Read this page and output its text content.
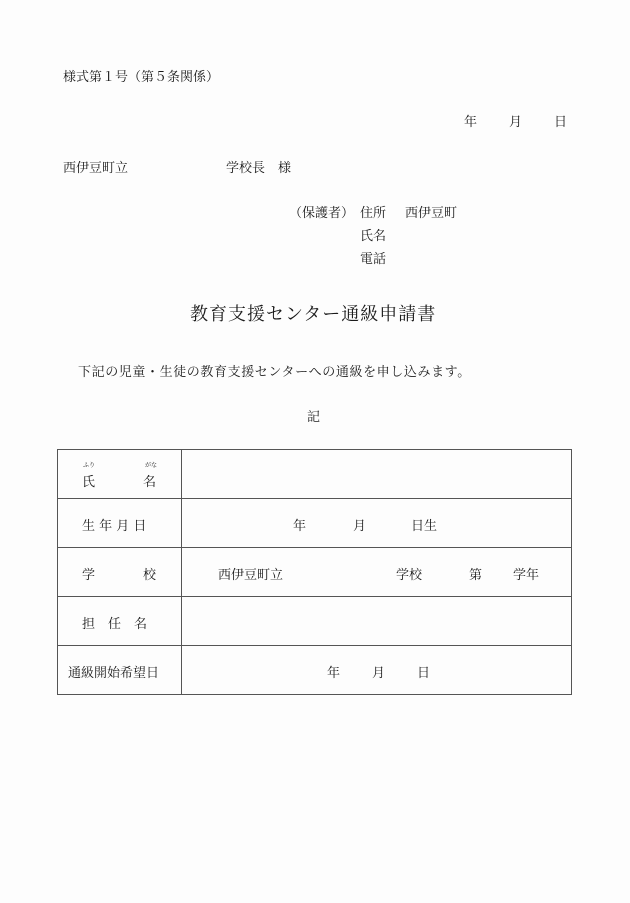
様式第１号（第５条関係）
年 月 日
西伊豆町立	学校長　様
（保護者） 住所 西伊豆町
氏名
電話
教育支援センター通級申請書
下記の児童・生徒の教育支援センターへの通級を申し込みます。
記
ふり がな
氏 名	

生 年 月 日	年 月 日生

学 校	西伊豆町立 学校 第 学年

担　任　名	

通級開始希望日	年 月 日
